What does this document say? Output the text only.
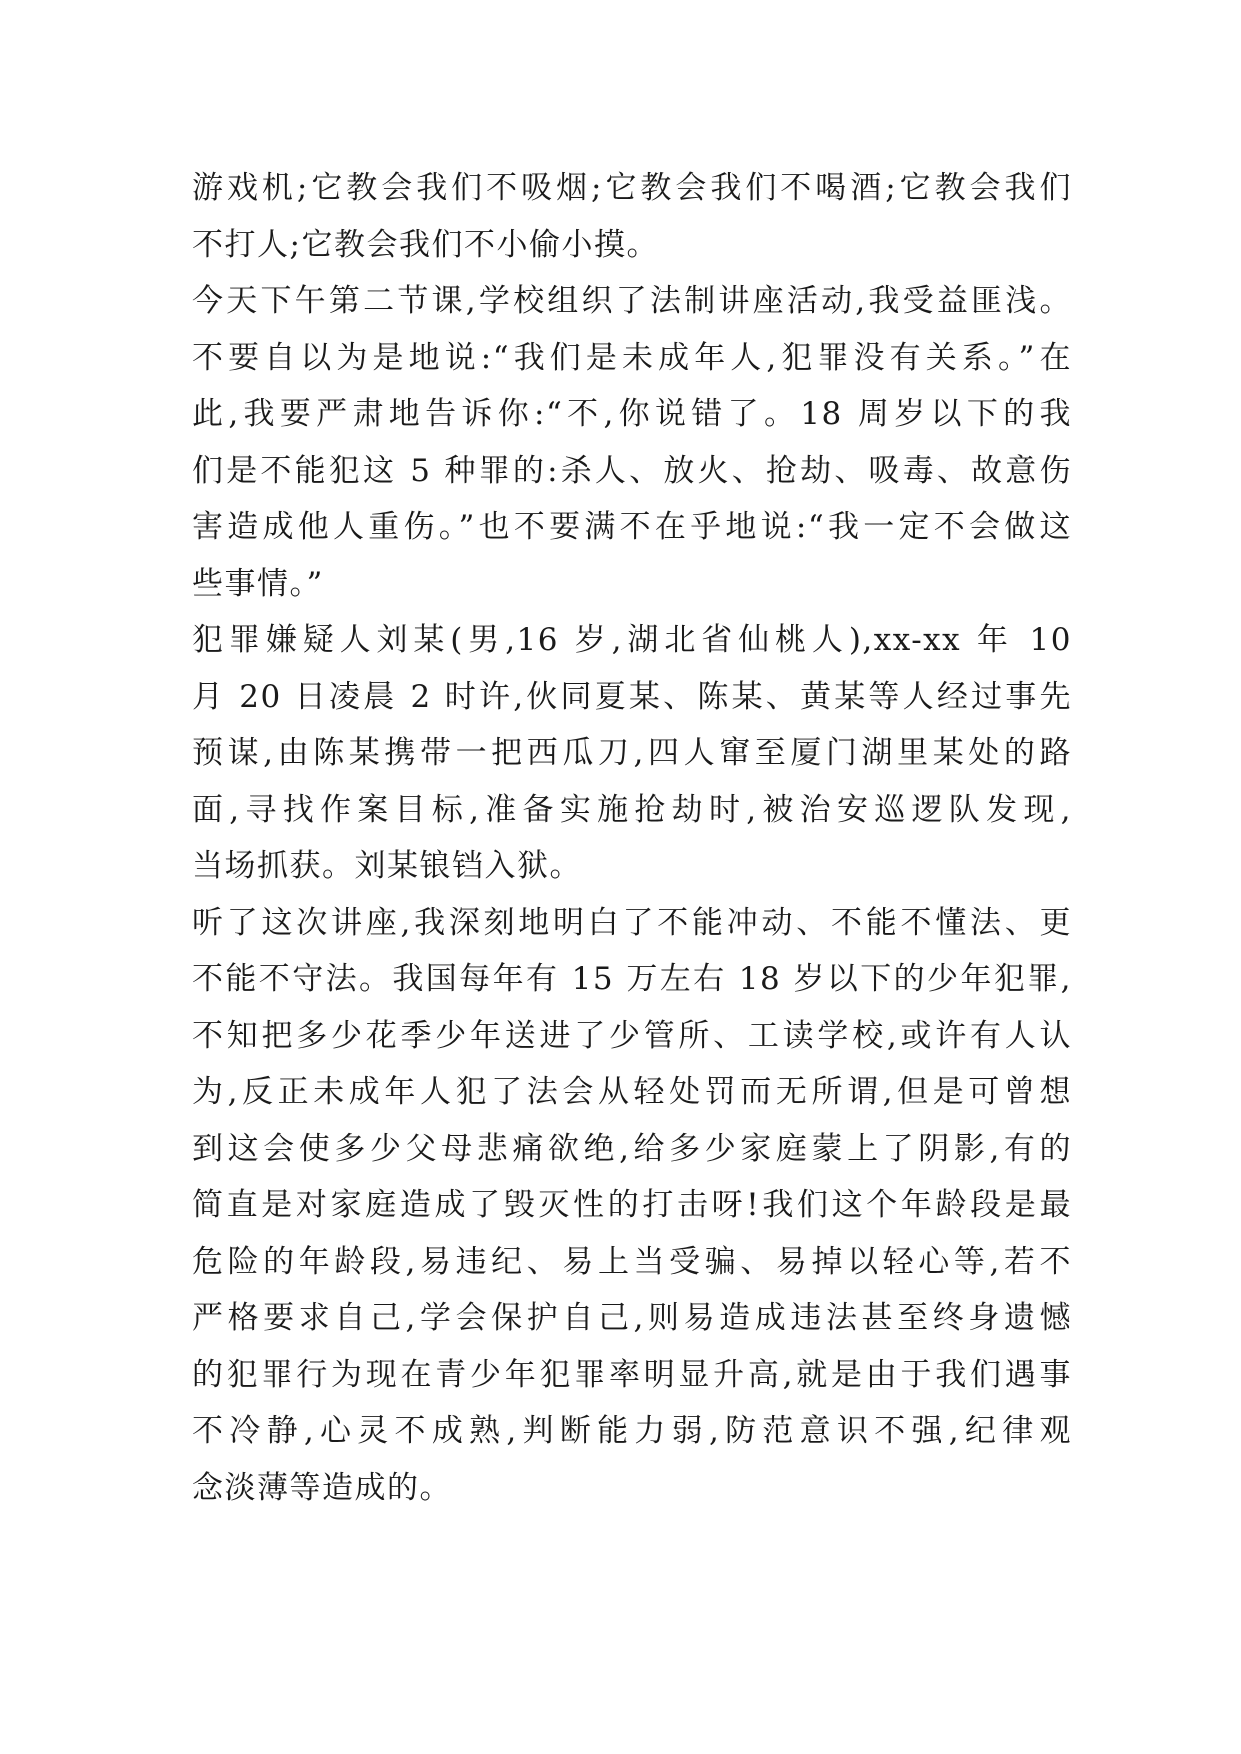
游戏机;它教会我们不吸烟;它教会我们不喝酒;它教会我们
不打人;它教会我们不小偷小摸。
今天下午第二节课,学校组织了法制讲座活动,我受益匪浅。
不要自以为是地说:“我们是未成年人,犯罪没有关系。”在
此,我要严肃地告诉你:“不,你说错了。18 周岁以下的我
们是不能犯这 5 种罪的:杀人、放火、抢劫、吸毒、故意伤
害造成他人重伤。”也不要满不在乎地说:“我一定不会做这
些事情。”
犯罪嫌疑人刘某(男,16 岁,湖北省仙桃人),xx-xx 年 10
月 20 日凌晨 2 时许,伙同夏某、陈某、黄某等人经过事先
预谋,由陈某携带一把西瓜刀,四人窜至厦门湖里某处的路
面,寻找作案目标,准备实施抢劫时,被治安巡逻队发现,
当场抓获。刘某锒铛入狱。
听了这次讲座,我深刻地明白了不能冲动、不能不懂法、更
不能不守法。我国每年有 15 万左右 18 岁以下的少年犯罪,
不知把多少花季少年送进了少管所、工读学校,或许有人认
为,反正未成年人犯了法会从轻处罚而无所谓,但是可曾想
到这会使多少父母悲痛欲绝,给多少家庭蒙上了阴影,有的
简直是对家庭造成了毁灭性的打击呀!我们这个年龄段是最
危险的年龄段,易违纪、易上当受骗、易掉以轻心等,若不
严格要求自己,学会保护自己,则易造成违法甚至终身遗憾
的犯罪行为现在青少年犯罪率明显升高,就是由于我们遇事
不冷静,心灵不成熟,判断能力弱,防范意识不强,纪律观
念淡薄等造成的。
